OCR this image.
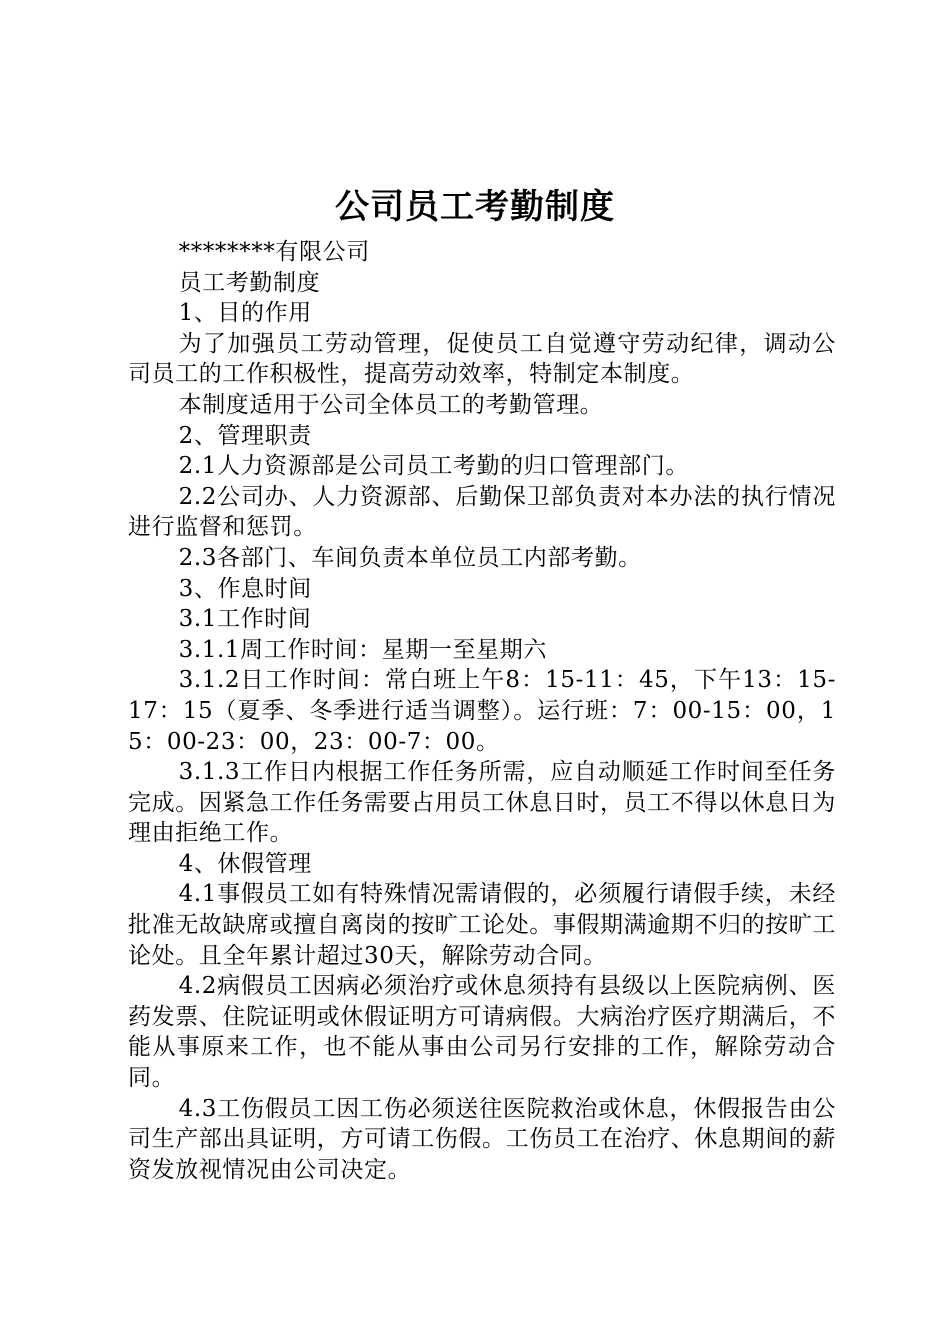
公司员工考勤制度

********有限公司

员工考勤制度

1、目的作用

为了加强员工劳动管理，促使员工自觉遵守劳动纪律，调动公司员工的工作积极性，提高劳动效率，特制定本制度。

本制度适用于公司全体员工的考勤管理。

2、管理职责

2.1人力资源部是公司员工考勤的归口管理部门。

2.2公司办、人力资源部、后勤保卫部负责对本办法的执行情况进行监督和惩罚。

2.3各部门、车间负责本单位员工内部考勤。

3、作息时间

3.1工作时间

3.1.1周工作时间：星期一至星期六

3.1.2日工作时间：常白班上午8：15-11：45，下午13：15-17：15（夏季、冬季进行适当调整）。运行班：7：00-15：00，15：00-23：00，23：00-7：00。

3.1.3工作日内根据工作任务所需，应自动顺延工作时间至任务完成。因紧急工作任务需要占用员工休息日时，员工不得以休息日为理由拒绝工作。

4、休假管理

4.1事假员工如有特殊情况需请假的，必须履行请假手续，未经批准无故缺席或擅自离岗的按旷工论处。事假期满逾期不归的按旷工论处。且全年累计超过30天，解除劳动合同。

4.2病假员工因病必须治疗或休息须持有县级以上医院病例、医药发票、住院证明或休假证明方可请病假。大病治疗医疗期满后，不能从事原来工作，也不能从事由公司另行安排的工作，解除劳动合同。

4.3工伤假员工因工伤必须送往医院救治或休息，休假报告由公司生产部出具证明，方可请工伤假。工伤员工在治疗、休息期间的薪资发放视情况由公司决定。
